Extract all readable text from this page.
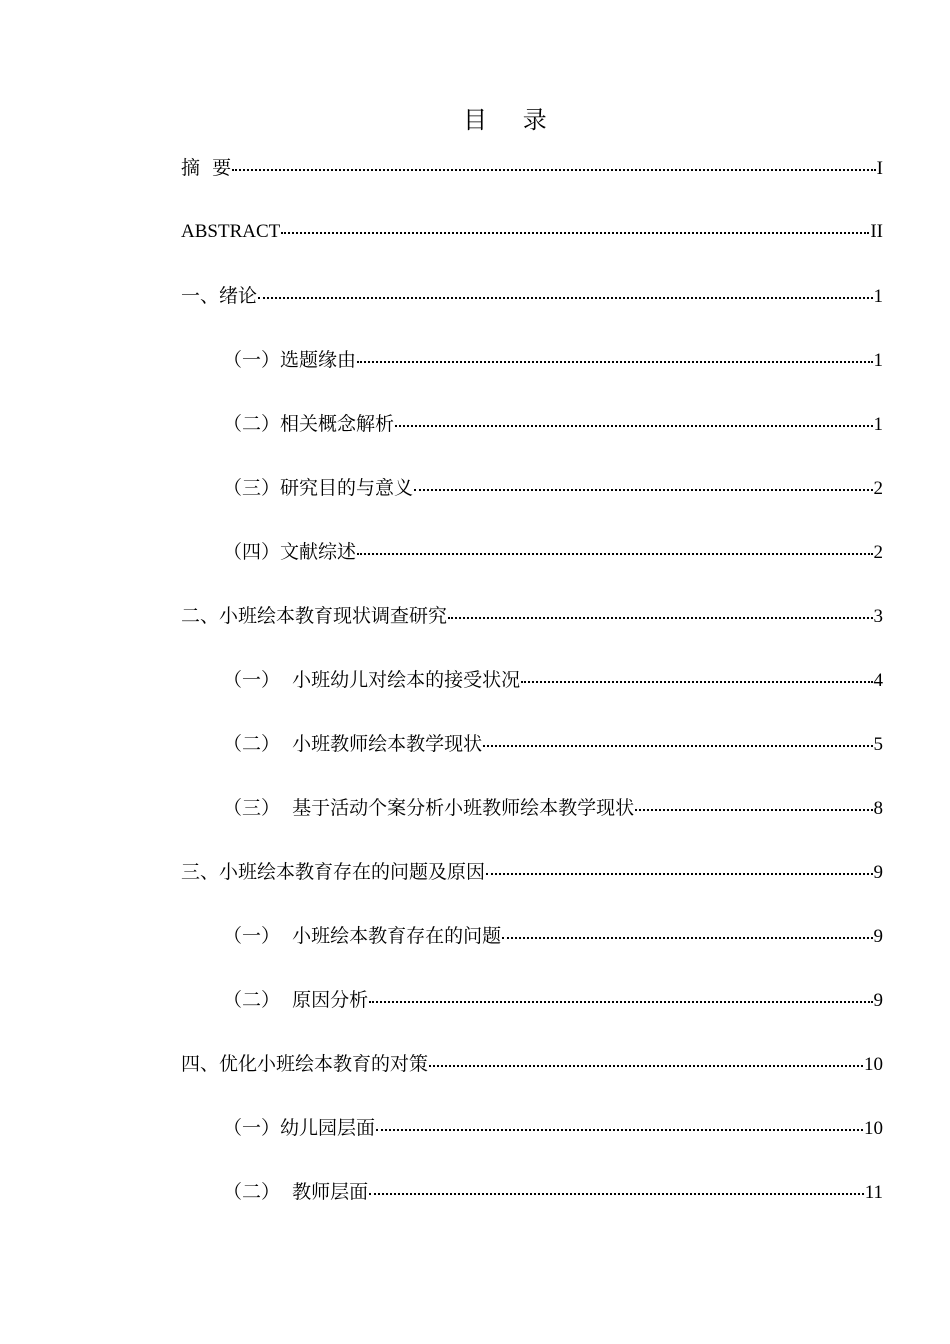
目 录
摘  要	I
ABSTRACT	II
一、绪论	1
（一）选题缘由	1
（二）相关概念解析	1
（三）研究目的与意义	2
（四）文献综述	2
二、小班绘本教育现状调查研究	3
（一）  小班幼儿对绘本的接受状况	4
（二）  小班教师绘本教学现状	5
（三）  基于活动个案分析小班教师绘本教学现状	8
三、小班绘本教育存在的问题及原因	9
（一）  小班绘本教育存在的问题	9
（二）  原因分析	9
四、优化小班绘本教育的对策	10
（一）幼儿园层面	10
（二）  教师层面	11
